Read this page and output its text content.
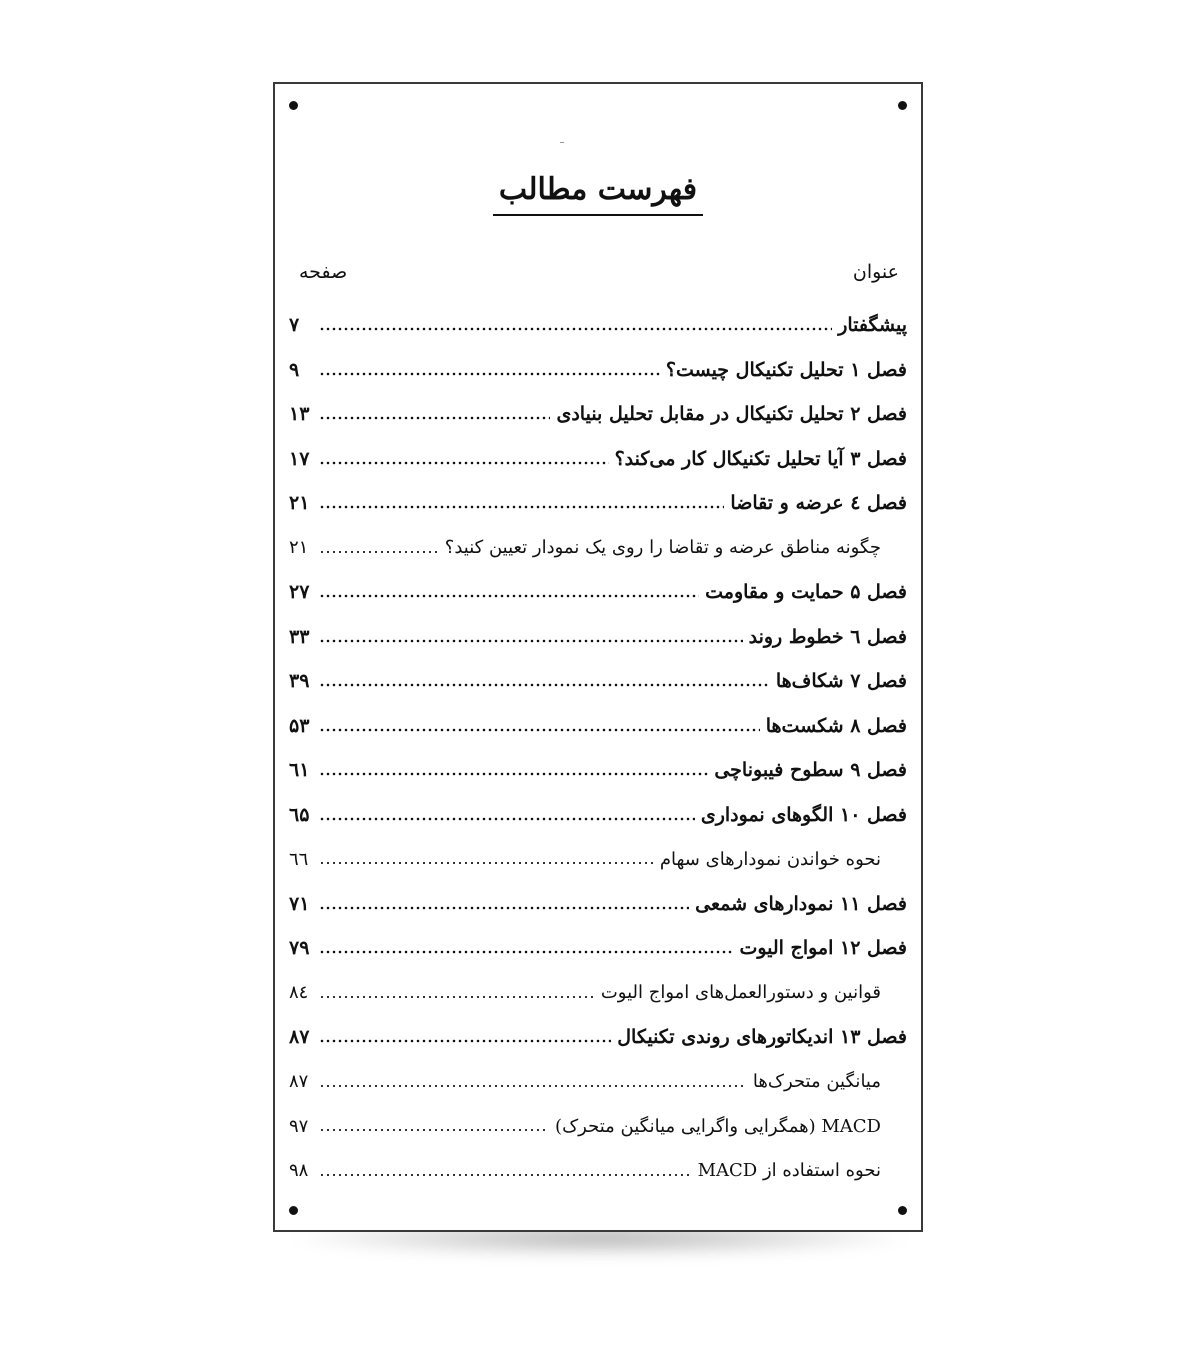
فهرست مطالب
عنوان
صفحه
پیشگفتار
۷
فصل ۱ تحلیل تکنیکال چیست؟
۹
فصل ۲ تحلیل تکنیکال در مقابل تحلیل بنیادی
۱۳
فصل ۳ آیا تحلیل تکنیکال کار می‌کند؟
۱۷
فصل ٤ عرضه و تقاضا
۲۱
چگونه مناطق عرضه و تقاضا را روی یک نمودار تعیین کنید؟
۲۱
فصل ۵ حمایت و مقاومت
۲۷
فصل ٦ خطوط روند
۳۳
فصل ۷ شکاف‌ها
۳۹
فصل ۸ شکست‌ها
۵۳
فصل ۹ سطوح فیبوناچی
٦۱
فصل ۱۰ الگوهای نموداری
٦۵
نحوه خواندن نمودارهای سهام
٦٦
فصل ۱۱ نمودارهای شمعی
۷۱
فصل ۱۲ امواج الیوت
۷۹
قوانین و دستورالعمل‌های امواج الیوت
۸٤
فصل ۱۳ اندیکاتورهای روندی تکنیکال
۸۷
میانگین متحرک‌ها
۸۷
MACD (همگرایی واگرایی میانگین متحرک)
۹۷
نحوه استفاده از MACD
۹۸
